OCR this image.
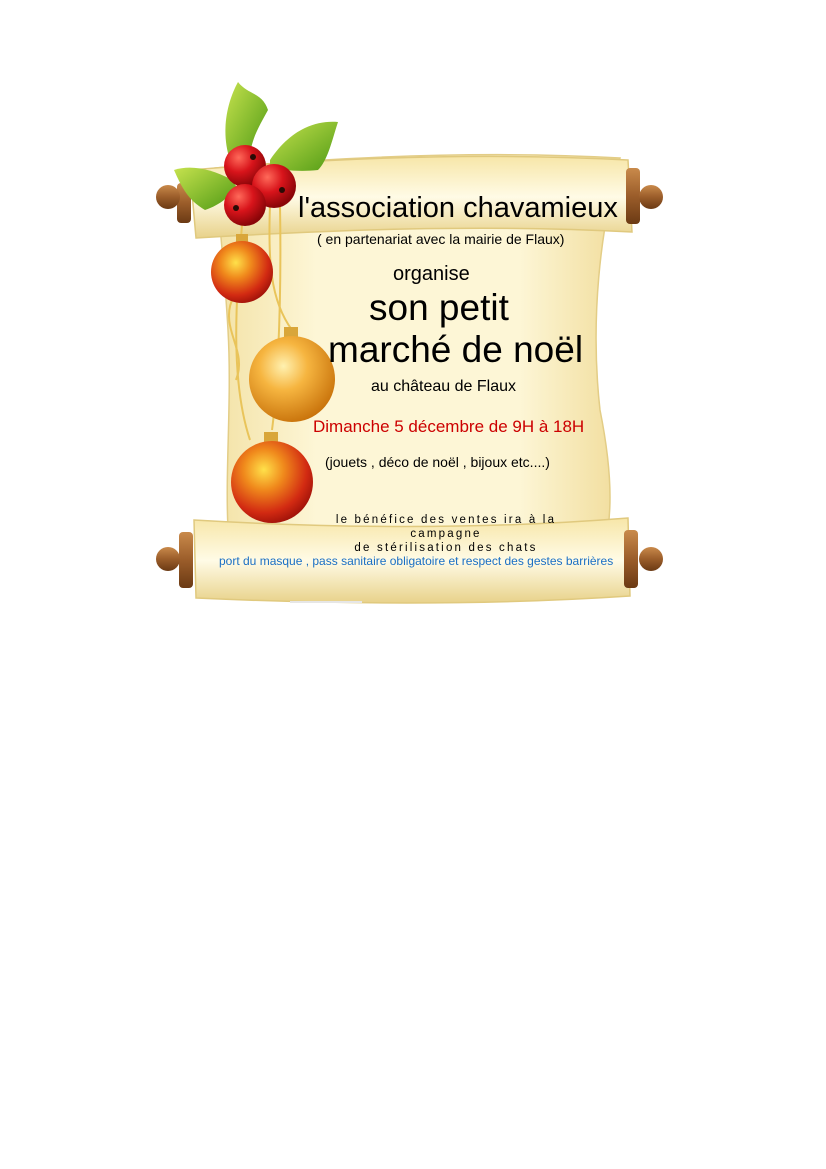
l'association chavamieux
( en partenariat avec la mairie de Flaux)
organise
son petit
marché de noël
au château de Flaux
Dimanche 5 décembre de 9H à 18H
(jouets , déco de noël , bijoux etc....)
le bénéfice des ventes ira à la campagne
de stérilisation des chats
port du masque , pass sanitaire obligatoire et respect des gestes barrières
